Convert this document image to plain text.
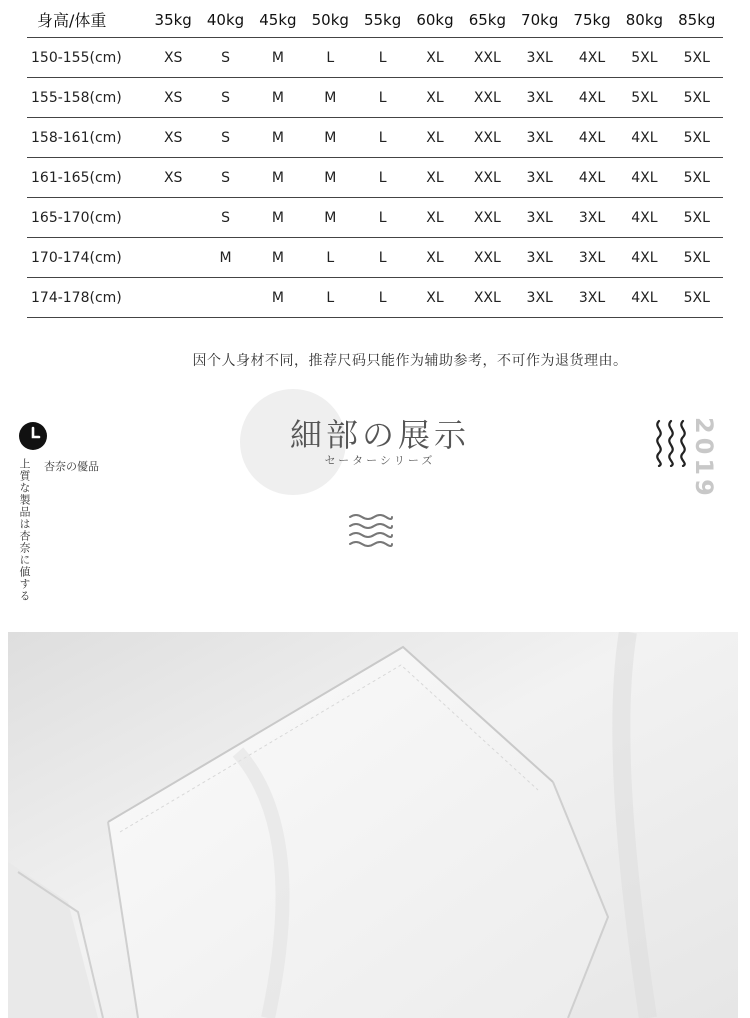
身高/体重	35kg	40kg	45kg	50kg	55kg	60kg	65kg	70kg	75kg	80kg	85kg
150-155(cm)	XS	S	M	L	L	XL	XXL	3XL	4XL	5XL	5XL
155-158(cm)	XS	S	M	M	L	XL	XXL	3XL	4XL	5XL	5XL
158-161(cm)	XS	S	M	M	L	XL	XXL	3XL	4XL	4XL	5XL
161-165(cm)	XS	S	M	M	L	XL	XXL	3XL	4XL	4XL	5XL
165-170(cm)		S	M	M	L	XL	XXL	3XL	3XL	4XL	5XL
170-174(cm)		M	M	L	L	XL	XXL	3XL	3XL	4XL	5XL
174-178(cm)			M	L	L	XL	XXL	3XL	3XL	4XL	5XL
因个人身材不同，推荐尺码只能作为辅助参考，不可作为退货理由。
上質な製品は杏奈に値する 杏奈の優品
細部の展示
セーターシリーズ	2019
